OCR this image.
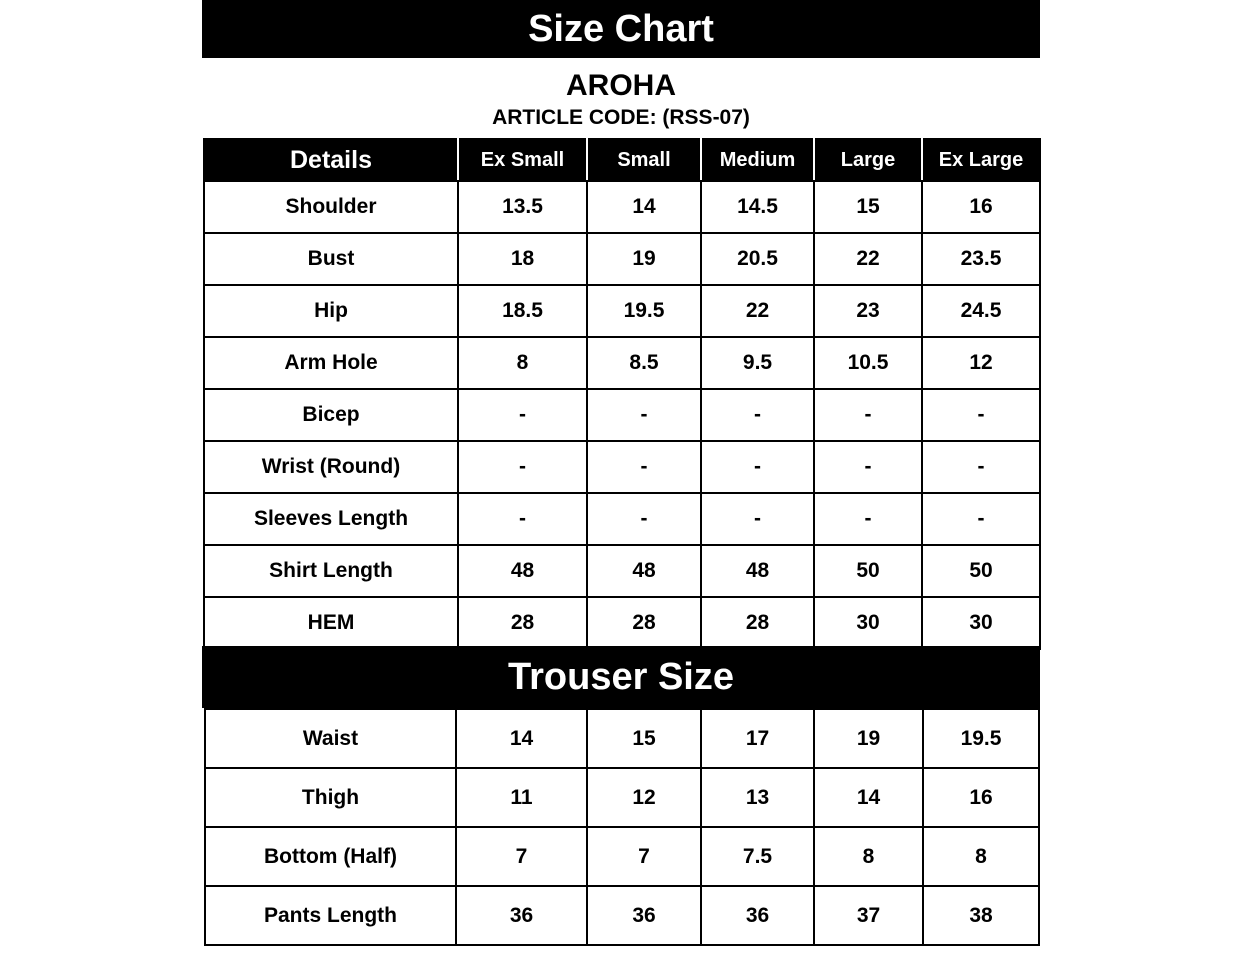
Size Chart
AROHA
ARTICLE CODE: (RSS-07)
Details	Ex Small	Small	Medium	Large	Ex Large
Shoulder	13.5	14	14.5	15	16
Bust	18	19	20.5	22	23.5
Hip	18.5	19.5	22	23	24.5
Arm Hole	8	8.5	9.5	10.5	12
Bicep	-	-	-	-	-
Wrist (Round)	-	-	-	-	-
Sleeves Length	-	-	-	-	-
Shirt Length	48	48	48	50	50
HEM	28	28	28	30	30
Trouser Size
Waist	14	15	17	19	19.5
Thigh	11	12	13	14	16
Bottom (Half)	7	7	7.5	8	8
Pants Length	36	36	36	37	38
